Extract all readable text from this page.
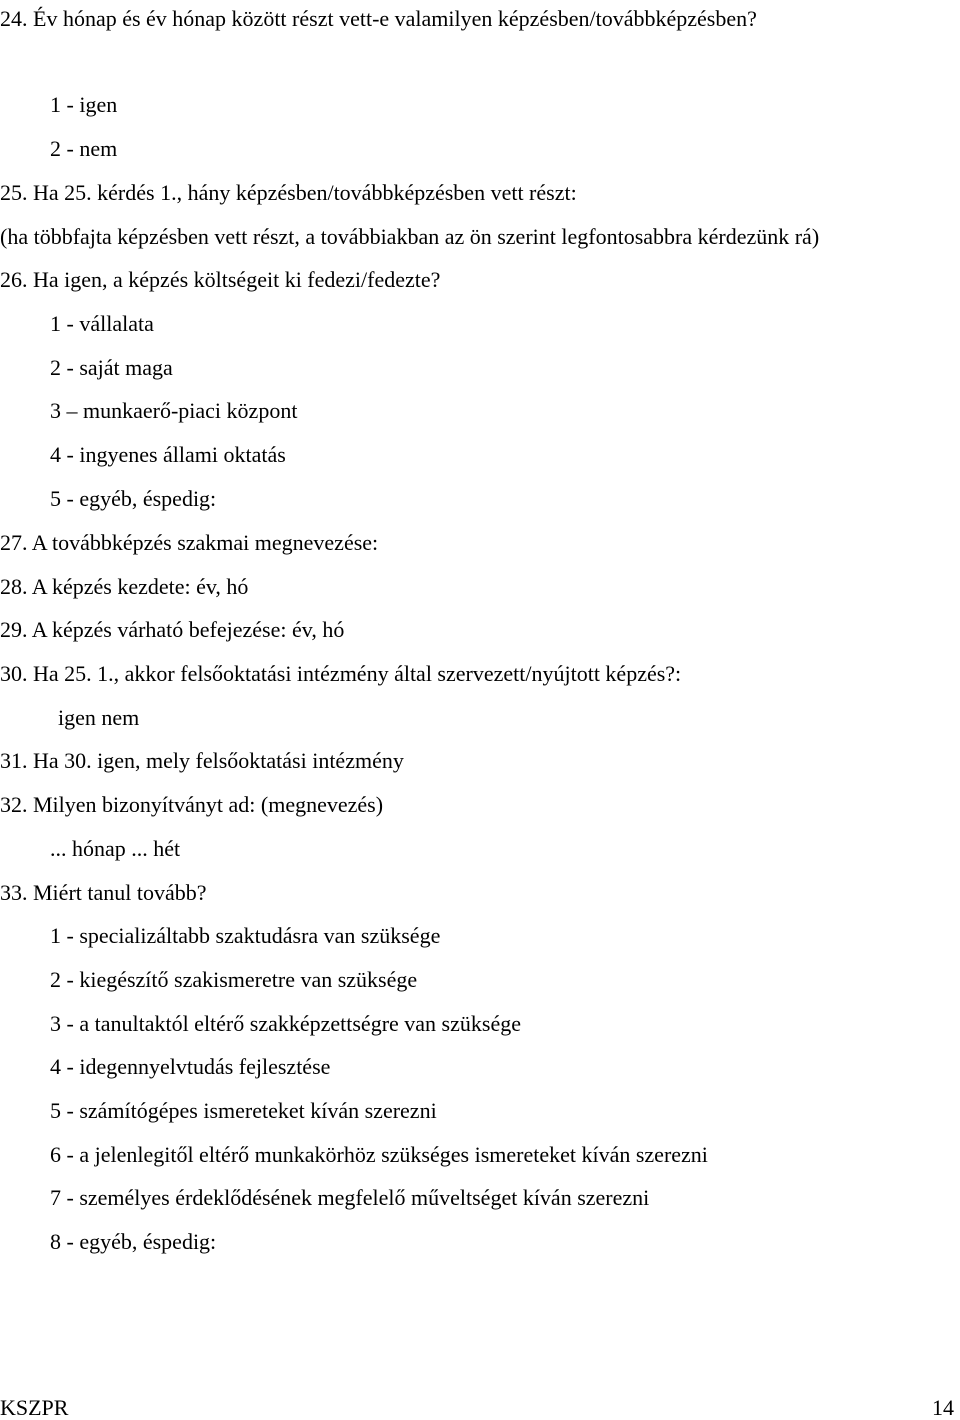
24. Év hónap és év hónap között részt vett-e valamilyen képzésben/továbbképzésben?
1 - igen
2 - nem
25. Ha 25. kérdés 1., hány képzésben/továbbképzésben vett részt:
(ha többfajta képzésben vett részt, a továbbiakban az ön szerint legfontosabbra kérdezünk rá)
26. Ha igen, a képzés költségeit ki fedezi/fedezte?
1 - vállalata
2 - saját maga
3 – munkaerő-piaci központ
4 - ingyenes állami oktatás
5 - egyéb, éspedig:
27. A továbbképzés szakmai megnevezése:
28. A képzés kezdete: év, hó
29. A képzés várható befejezése: év, hó
30. Ha 25. 1., akkor felsőoktatási intézmény által szervezett/nyújtott képzés?:
igen nem
31. Ha 30. igen, mely felsőoktatási intézmény
32. Milyen bizonyítványt ad: (megnevezés)
... hónap ... hét
33. Miért tanul tovább?
1 - specializáltabb szaktudásra van szüksége
2 - kiegészítő szakismeretre van szüksége
3 - a tanultaktól eltérő szakképzettségre van szüksége
4 - idegennyelvtudás fejlesztése
5 - számítógépes ismereteket kíván szerezni
6 - a jelenlegitől eltérő munkakörhöz szükséges ismereteket kíván szerezni
7 - személyes érdeklődésének megfelelő műveltséget kíván szerezni
8 - egyéb, éspedig:
KSZPR	14
